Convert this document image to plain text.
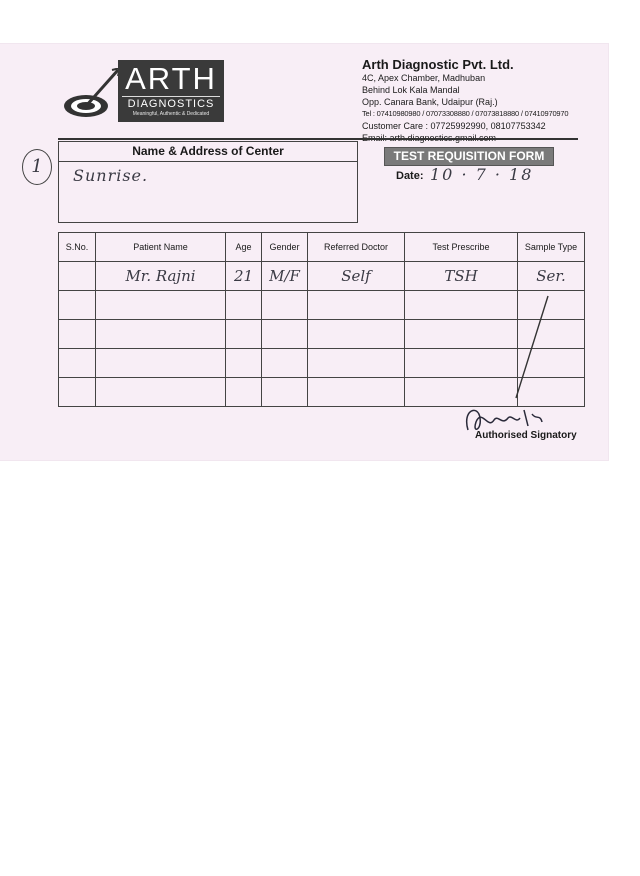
ARTH
DIAGNOSTICS
Meaningful, Authentic & Dedicated
Arth Diagnostic Pvt. Ltd.
4C, Apex Chamber, Madhuban
Behind Lok Kala Mandal
Opp. Canara Bank, Udaipur (Raj.)
Tel : 07410980980 / 07073308880 / 07073818880 / 07410970970
Customer Care : 07725992990, 08107753342
1
Name & Address of Center
Sunrise.
TEST REQUISITION FORM
Date: 10 · 7 · 18
S.No.	Patient Name	Age	Gender	Referred Doctor	Test Prescribe	Sample Type
	Mr. Rajni	21	M/F	Self	TSH	Ser.

Authorised Signatory
